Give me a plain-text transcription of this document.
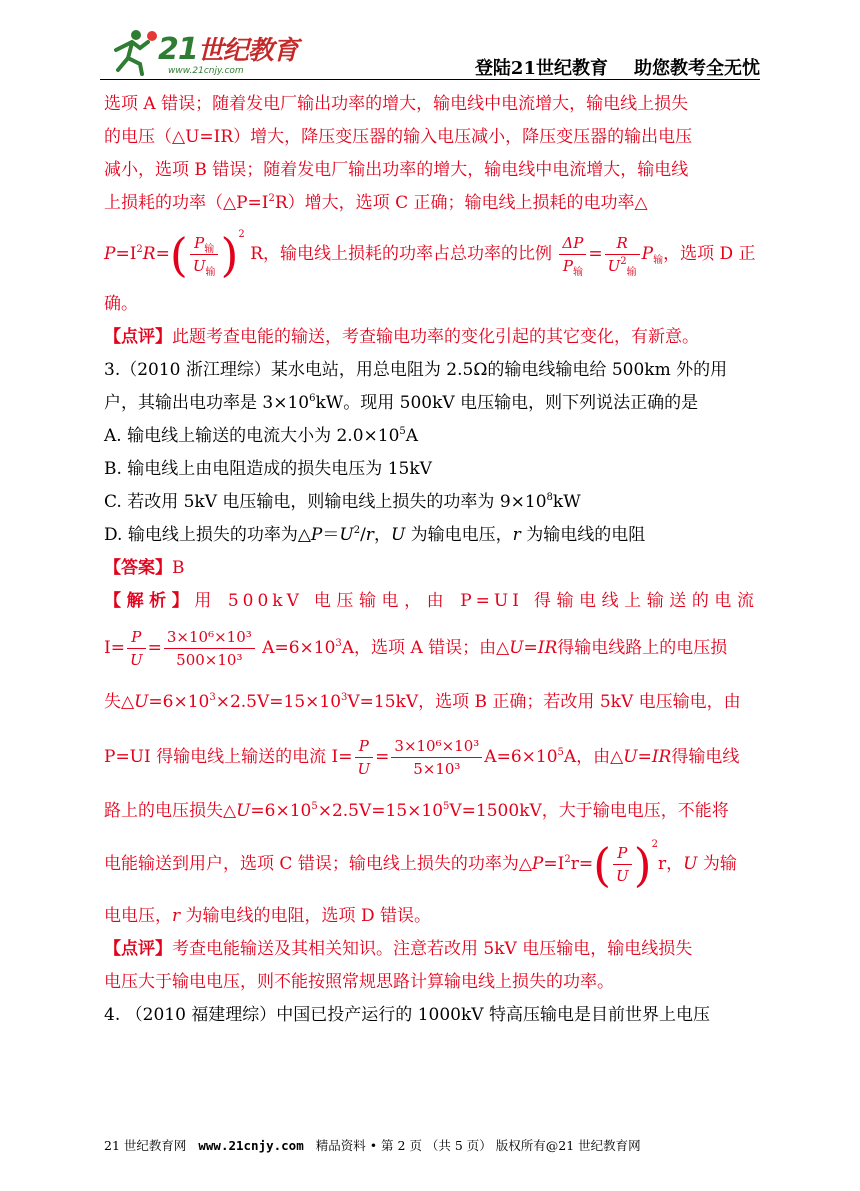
21世纪教育
www.21cnjy.com	登陆21世纪教育 助您教考全无忧

选项 A 错误；随着发电厂输出功率的增大，输电线中电流增大，输电线上损失

的电压（△U=IR）增大，降压变压器的输入电压减小，降压变压器的输出电压

减小，选项 B 错误；随着发电厂输出功率的增大，输电线中电流增大，输电线

上损耗的功率$(\triangle P=I^2R)$增大，选项 C 正确；输电线上损耗的电功率△

$P=I^2R=( \frac{P_输}{U_输} )^2$ R，输电线上损耗的功率占总功率的比例 $\frac{\Delta P}{P_输} = \frac{R}{U^2_输} P_输$，选项 D 正

确。

【点评】此题考查电能的输送，考查输电功率的变化引起的其它变化，有新意。

3.（2010 浙江理综）某水电站，用总电阻为 2.5Ω的输电线输电给 500km 外的用

户，其输出电功率是 $3\times 10^6kW$。现用 500kV 电压输电，则下列说法正确的是

A. 输电线上输送的电流大小为 $2.0\times 10^5A$

B. 输电线上由电阻造成的损失电压为 15kV

C. 若改用 5kV 电压输电，则输电线上损失的功率为 $9\times 10^8kW$

D. 输电线上损失的功率为$\triangle P=U^2/r$，U 为输电电压，r 为输电线的电阻

【答案】B

【解析】用 500kV 电压输电，由 P=UI 得输电线上输送的电流

$I= \frac{P}{U} = \frac{\text{3×10⁶×10³}}{\text{500×10³}} A=6\times 10^3A$，选项 A 错误；由△U=IR得输电线路上的电压损

失$\triangle U=6\times 10^3\times 2.5V=15\times 10^3V=15kV$，选项 B 正确；若改用 5kV 电压输电，由

P=UI 得输电线上输送的电流 $I= \frac{P}{U} = \frac{\text{3×10⁶×10³}}{\text{5×10³}} A=6\times 10^5A$，由△U=IR得输电线

路上的电压损失$\triangle U=6\times 10^5\times 2.5V=15\times 10^5V=1500kV$，大于输电电压，不能将

电能输送到用户，选项 C 错误；输电线上损失的功率为$\triangle P=I^2r=( \frac{P}{U} )^2r$，U 为输

电电压，r 为输电线的电阻，选项 D 错误。

【点评】考查电能输送及其相关知识。注意若改用 5kV 电压输电，输电线损失

电压大于输电电压，则不能按照常规思路计算输电线上损失的功率。

4. （2010 福建理综）中国已投产运行的 1000kV 特高压输电是目前世界上电压

21 世纪教育网 www.21cnjy.com 精品资料 • 第 2 页 （共 5 页） 版权所有@21 世纪教育网
